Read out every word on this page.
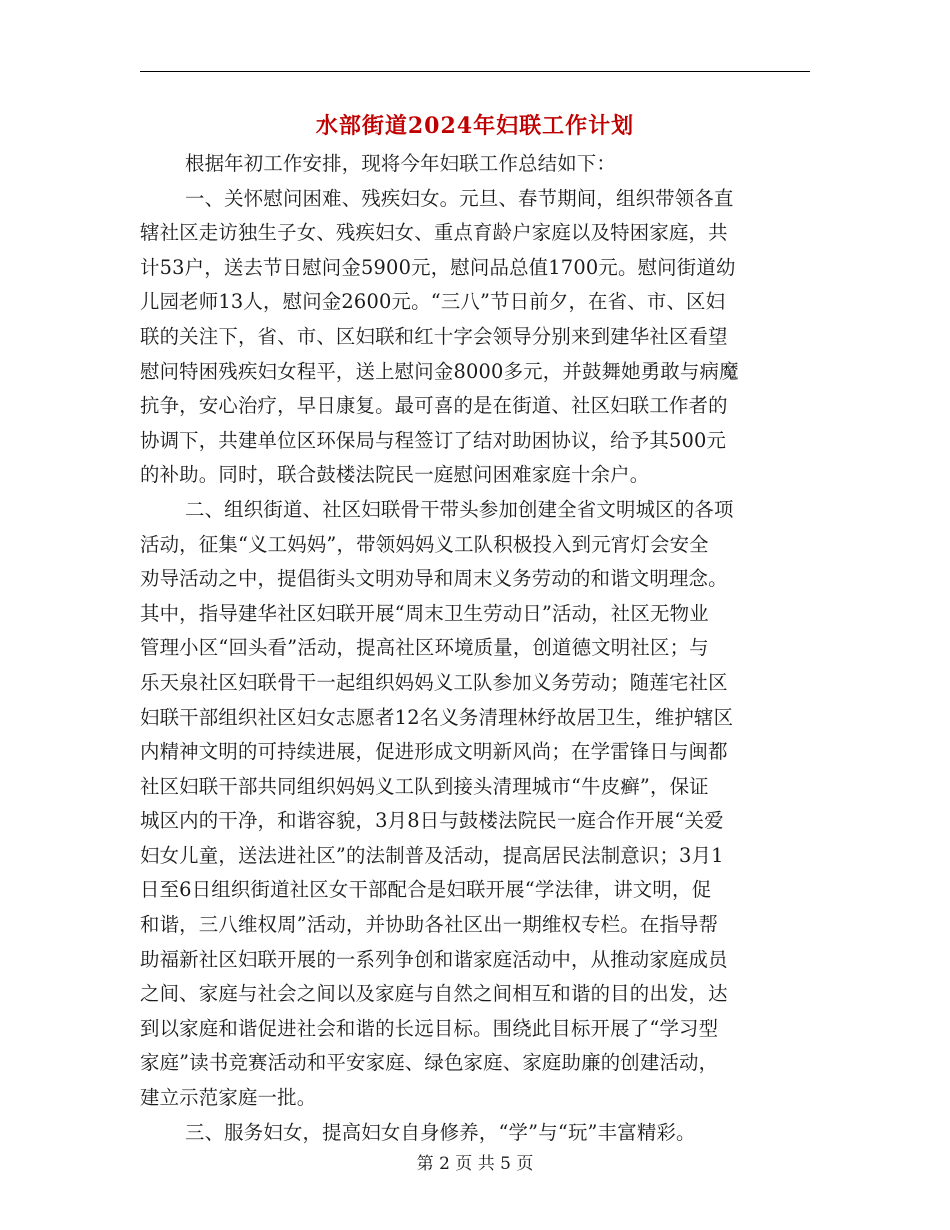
水部街道2024年妇联工作计划
根据年初工作安排，现将今年妇联工作总结如下：
一、关怀慰问困难、残疾妇女。元旦、春节期间，组织带领各直
辖社区走访独生子女、残疾妇女、重点育龄户家庭以及特困家庭，共
计53户，送去节日慰问金5900元，慰问品总值1700元。慰问街道幼
儿园老师13人，慰问金2600元。“三八”节日前夕，在省、市、区妇
联的关注下，省、市、区妇联和红十字会领导分别来到建华社区看望
慰问特困残疾妇女程平，送上慰问金8000多元，并鼓舞她勇敢与病魔
抗争，安心治疗，早日康复。最可喜的是在街道、社区妇联工作者的
协调下，共建单位区环保局与程签订了结对助困协议，给予其500元
的补助。同时，联合鼓楼法院民一庭慰问困难家庭十余户。
二、组织街道、社区妇联骨干带头参加创建全省文明城区的各项
活动，征集“义工妈妈”，带领妈妈义工队积极投入到元宵灯会安全
劝导活动之中，提倡街头文明劝导和周末义务劳动的和谐文明理念。
其中，指导建华社区妇联开展“周末卫生劳动日”活动，社区无物业
管理小区“回头看”活动，提高社区环境质量，创道德文明社区；与
乐天泉社区妇联骨干一起组织妈妈义工队参加义务劳动；随莲宅社区
妇联干部组织社区妇女志愿者12名义务清理林纾故居卫生，维护辖区
内精神文明的可持续进展，促进形成文明新风尚；在学雷锋日与闽都
社区妇联干部共同组织妈妈义工队到接头清理城市“牛皮癣”，保证
城区内的干净，和谐容貌，3月8日与鼓楼法院民一庭合作开展“关爱
妇女儿童，送法进社区”的法制普及活动，提高居民法制意识；3月1
日至6日组织街道社区女干部配合是妇联开展“学法律，讲文明，促
和谐，三八维权周”活动，并协助各社区出一期维权专栏。在指导帮
助福新社区妇联开展的一系列争创和谐家庭活动中，从推动家庭成员
之间、家庭与社会之间以及家庭与自然之间相互和谐的目的出发，达
到以家庭和谐促进社会和谐的长远目标。围绕此目标开展了“学习型
家庭”读书竞赛活动和平安家庭、绿色家庭、家庭助廉的创建活动，
建立示范家庭一批。
三、服务妇女，提高妇女自身修养，“学”与“玩”丰富精彩。
第 2 页 共 5 页
